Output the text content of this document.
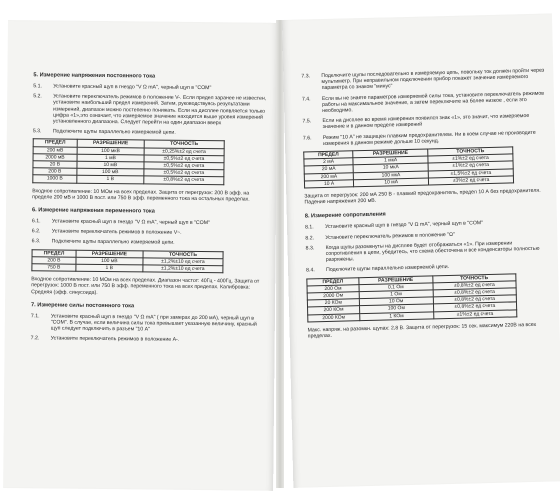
5. Измерение напряжения постоянного тока
5.1.	Установите красный щуп в гнездо "V Ω mA", черный щуп в "COM"
5.2.	Установите переключатель режимов в положение V-. Если предел заранее не известен, установите наибольший предел измерений. Затем, руководствуясь результатами измерений, диапазон можно постепенно понижать. Если на дисплее появляется только цифра «1»,это означает, что измеряемое значение находится выше уровня измерений установленного диапазона. Следует перейти на один диапазон вверх
5.3.	Подключите щупы параллельно измеряемой цепи.
ПРЕДЕЛ	РАЗРЕШЕНИЕ	ТОЧНОСТЬ
200 мВ	100 мкВ	±0,25%±2 ед счета
2000 мВ	1 мВ	±0,5%±2 ед счета
20 В	10 мВ	±0,5%±2 ед счета
200 В	100 мВ	±0,5%±2 ед счета
1000 В	1 В	±0,8%±2 ед счета
Входное сопротивление: 10 МОм на всех пределах. Защита от перегрузок: 200 В эфф. на пределе 200 мВ и 1000 В пост. или 750 В эфф. переменного тока на остальных пределах.
6. Измерение напряжения переменного тока
6.1.	Установите красный щуп в гнездо "V Ω mA", черный щуп в "COM"
6.2.	Установите переключатель режимов в положение V~.
6.3.	Подключите щупы параллельно измеряемой цепи.
ПРЕДЕЛ	РАЗРЕШЕНИЕ	ТОЧНОСТЬ
200 В	100 мВ	±1,2%±10 ед счета
750 В	1 В	±1,2%±10 ед счета
Входное сопротивление: 10 МОм на всех пределах. Диапазон частот: 40Гц - 400Гц. Защита от перегрузок: 1000 В пост. или 750 В эфф. переменного тока на всех пределах. Калибровка: Средняя (эфф. синусоида).
7. Измерение силы постоянного тока
7.1.	Установите красный щуп в гнездо "V Ω mA" ( при замерах до 200 мА), черный щуп в "COM". В случае, если величина силы тока превышает указанную величину, красный щуп следует подключить в разъем "10 А"
7.2.	Установите переключатель режимов в положение A-.
7.3.	Подключите щупы последовательно в измеряемую цепь, повольку ток должен пройти через мультиметр. При неправильном подключении прибор покажет значение измеряемого параметра со знаком "минус"
7.4.	Если вы не знаете параметров измеряемой силы тока, установите переключатель режимов работы на максимальное значение, а затем переключите на более низкое , если это необходимо.
7.5.	Если на дисплее во время измерения появился знак «1», это значит, что измеряемое значение и в данном пределе измерений
7.6.	Режим "10 А" не защищен плавким предохранителем. Ни в коем случае не производите измерения в данном режиме дольше 10 секунд.
ПРЕДЕЛ	РАЗРЕШЕНИЕ	ТОЧНОСТЬ
2 мА	1 мкА	±1%±2 ед счета
20 мА	10 мкА	±1%±2 ед счета
200 мА	100 мкА	±1,5%±2 ед счета
10 А	10 мА	±3%±2 ед счета
Защита от перегрузок: 200 мА 250 В - плавкий предохранитель, предел 10 А без предохранителя. Падение напряжения 200 мВ.
8. Измерение сопротивления
8.1.	Установите красный щуп в гнездо "V Ω mA", черный щуп в "COM"
8.2.	Установите переключатель режимов в положение "Ω"
8.3.	Когда щупы разомкнуты на дисплее будет отображаться «1». При измерении сопротивления в цепи, убедитесь, что схема обесточена и все конденсаторы полностью разряжены.
8.4.	Подключите щупы параллельно измеряемой цепи.
ПРЕДЕЛ	РАЗРЕШЕНИЕ	ТОЧНОСТЬ
200 Ом	0,1 Ом	±0,8%±2 ед счета
2000 Ом	1 Ом	±0,8%±2 ед счета
20 КОм	10 Ом	±0,8%±2 ед счета
200 КОм	100 Ом	±0,8%±2 ед счета
2000 КОм	1 КОм	±1%±2 ед счета
Макс. напряж. на разомкн. щупах: 2,8 В. Защита от перегрузок: 15 сек. максимум 220В на всех пределах.
